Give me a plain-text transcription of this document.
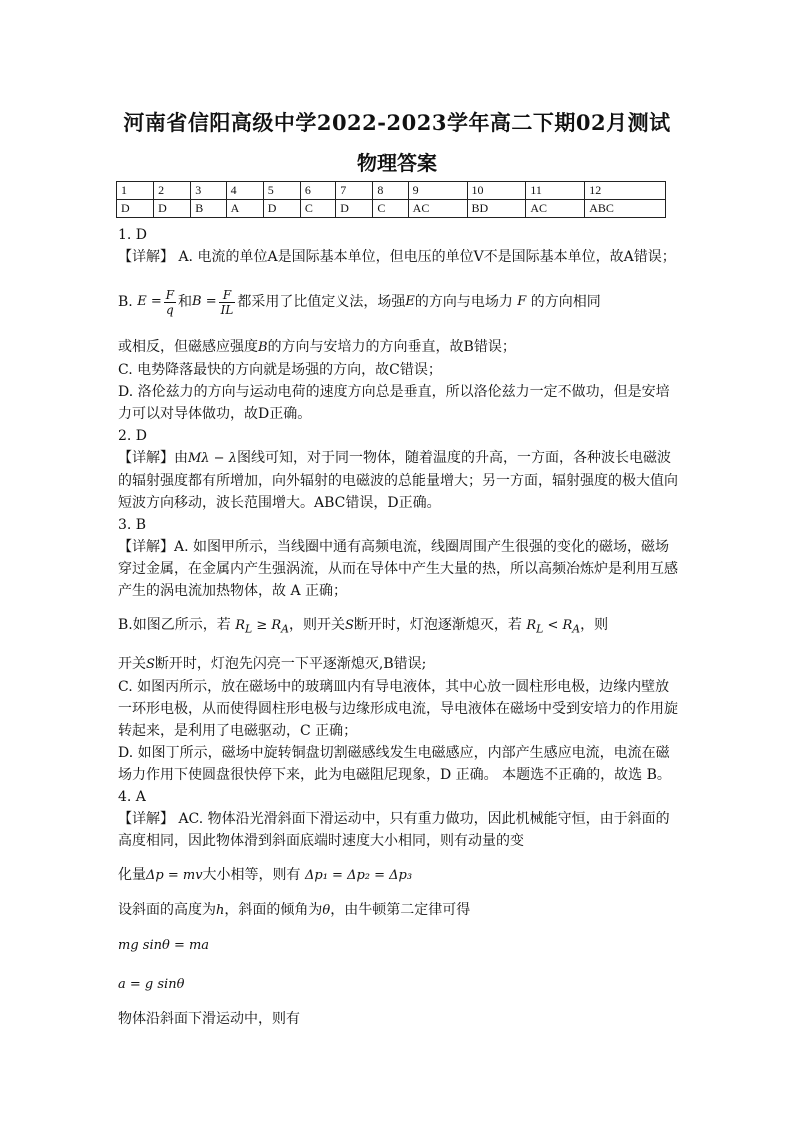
河南省信阳高级中学2022-2023学年高二下期02月测试
物理答案
1	2	3	4	5	6	7	8	9	10	11	12
D	D	B	A	D	C	D	C	AC	BD	AC	ABC

1. D

【详解】 A. 电流的单位A是国际基本单位，但电压的单位V不是国际基本单位，故A错误；

B.
$E = \frac{F}{q}$ 和 $B = \frac{F}{IL}$ 都采用了比值定义法，场强 E 的方向与电场力
F
的方向相同

或相反，但磁感应强度B的方向与安培力的方向垂直，故B错误；

C. 电势降落最快的方向就是场强的方向，故C错误；

D. 洛伦兹力的方向与运动电荷的速度方向总是垂直，所以洛伦兹力一定不做功，但是安培力可以对导体做功，故D正确。

2. D

【详解】由Mλ − λ图线可知，对于同一物体，随着温度的升高，一方面，各种波长电磁波的辐射强度都有所增加，向外辐射的电磁波的总能量增大；另一方面，辐射强度的极大值向短波方向移动，波长范围增大。ABC错误，D正确。

3. B

【详解】A. 如图甲所示，当线圈中通有高频电流，线圈周围产生很强的变化的磁场，磁场穿过金属，在金属内产生强涡流，从而在导体中产生大量的热，所以高频冶炼炉是利用互感产生的涡电流加热物体，故 A 正确；

B.如图乙所示，若 $R_L \ge R_A$，则开关S断开时，灯泡逐渐熄灭，若 $R_L < R_A$，则

开关S断开时，灯泡先闪亮一下平逐渐熄灭,B错误;

C. 如图丙所示，放在磁场中的玻璃皿内有导电液体，其中心放一圆柱形电极，边缘内壁放一环形电极，从而使得圆柱形电极与边缘形成电流，导电液体在磁场中受到安培力的作用旋转起来，是利用了电磁驱动，C 正确；

D. 如图丁所示，磁场中旋转铜盘切割磁感线发生电磁感应，内部产生感应电流，电流在磁场力作用下使圆盘很快停下来，此为电磁阻尼现象，D 正确。 本题选不正确的，故选 B。

4. A

【详解】 AC. 物体沿光滑斜面下滑运动中，只有重力做功，因此机械能守恒，由于斜面的高度相同，因此物体滑到斜面底端时速度大小相同，则有动量的变

化量Δp = mv大小相等，则有 Δp₁ = Δp₂ = Δp₃

设斜面的高度为h，斜面的倾角为θ，由牛顿第二定律可得

mg sinθ = ma

a = g sinθ

物体沿斜面下滑运动中，则有
